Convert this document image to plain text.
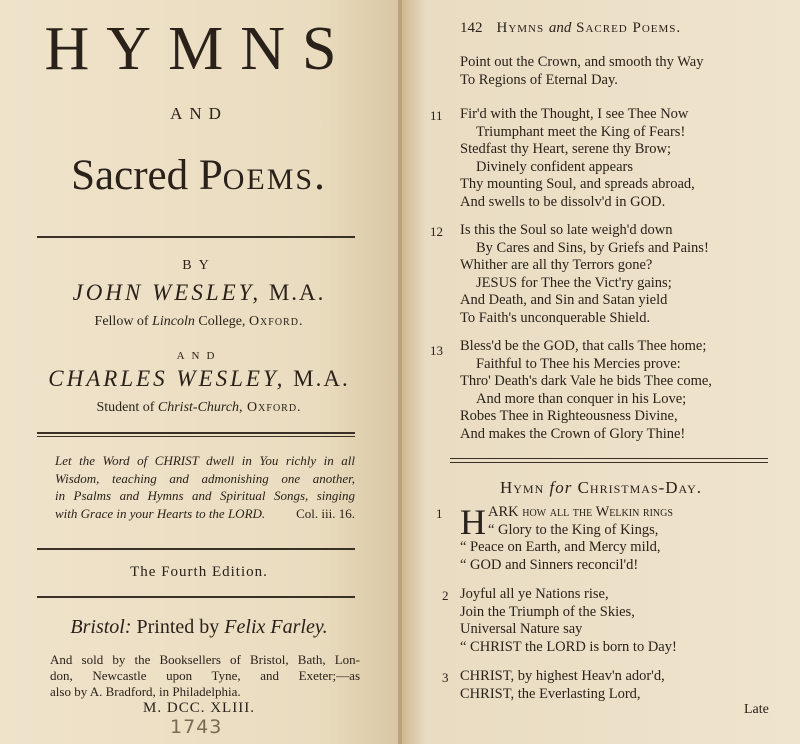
HYMNS
AND
Sacred Poems.
BY
JOHN WESLEY, M.A.
Fellow of Lincoln College, Oxford.
AND
CHARLES WESLEY, M.A.
Student of Christ-Church, Oxford.
Let the Word of CHRIST dwell in You richly in all
Wisdom, teaching and admonishing one another,
in Psalms and Hymns and Spiritual Songs, singing
with Grace in your Hearts to the LORD.	Col. iii. 16.
The Fourth Edition.
Bristol: Printed by Felix Farley.
And sold by the Booksellers of Bristol, Bath, Lon-
don, Newcastle upon Tyne, and Exeter;—as
also by A. Bradford, in Philadelphia.
M. DCC. XLIII.
1743
142 Hymns and Sacred Poems.
Point out the Crown, and smooth thy Way
To Regions of Eternal Day.
11 Fir'd with the Thought, I see Thee Now
Triumphant meet the King of Fears!
Stedfast thy Heart, serene thy Brow;
Divinely confident appears
Thy mounting Soul, and spreads abroad,
And swells to be dissolv'd in GOD.
12 Is this the Soul so late weigh'd down
By Cares and Sins, by Griefs and Pains!
Whither are all thy Terrors gone?
JESUS for Thee the Vict'ry gains;
And Death, and Sin and Satan yield
To Faith's unconquerable Shield.
13 Bless'd be the GOD, that calls Thee home;
Faithful to Thee his Mercies prove:
Thro' Death's dark Vale he bids Thee come,
And more than conquer in his Love;
Robes Thee in Righteousness Divine,
And makes the Crown of Glory Thine!
Hymn for Christmas-Day.
H
1	ARK how all the Welkin rings
“ Glory to the King of Kings,
“ Peace on Earth, and Mercy mild,
“ GOD and Sinners reconcil'd!
2 Joyful all ye Nations rise,
Join the Triumph of the Skies,
Universal Nature say
“ CHRIST the LORD is born to Day!
3 CHRIST, by highest Heav'n ador'd,
CHRIST, the Everlasting Lord,
Late
